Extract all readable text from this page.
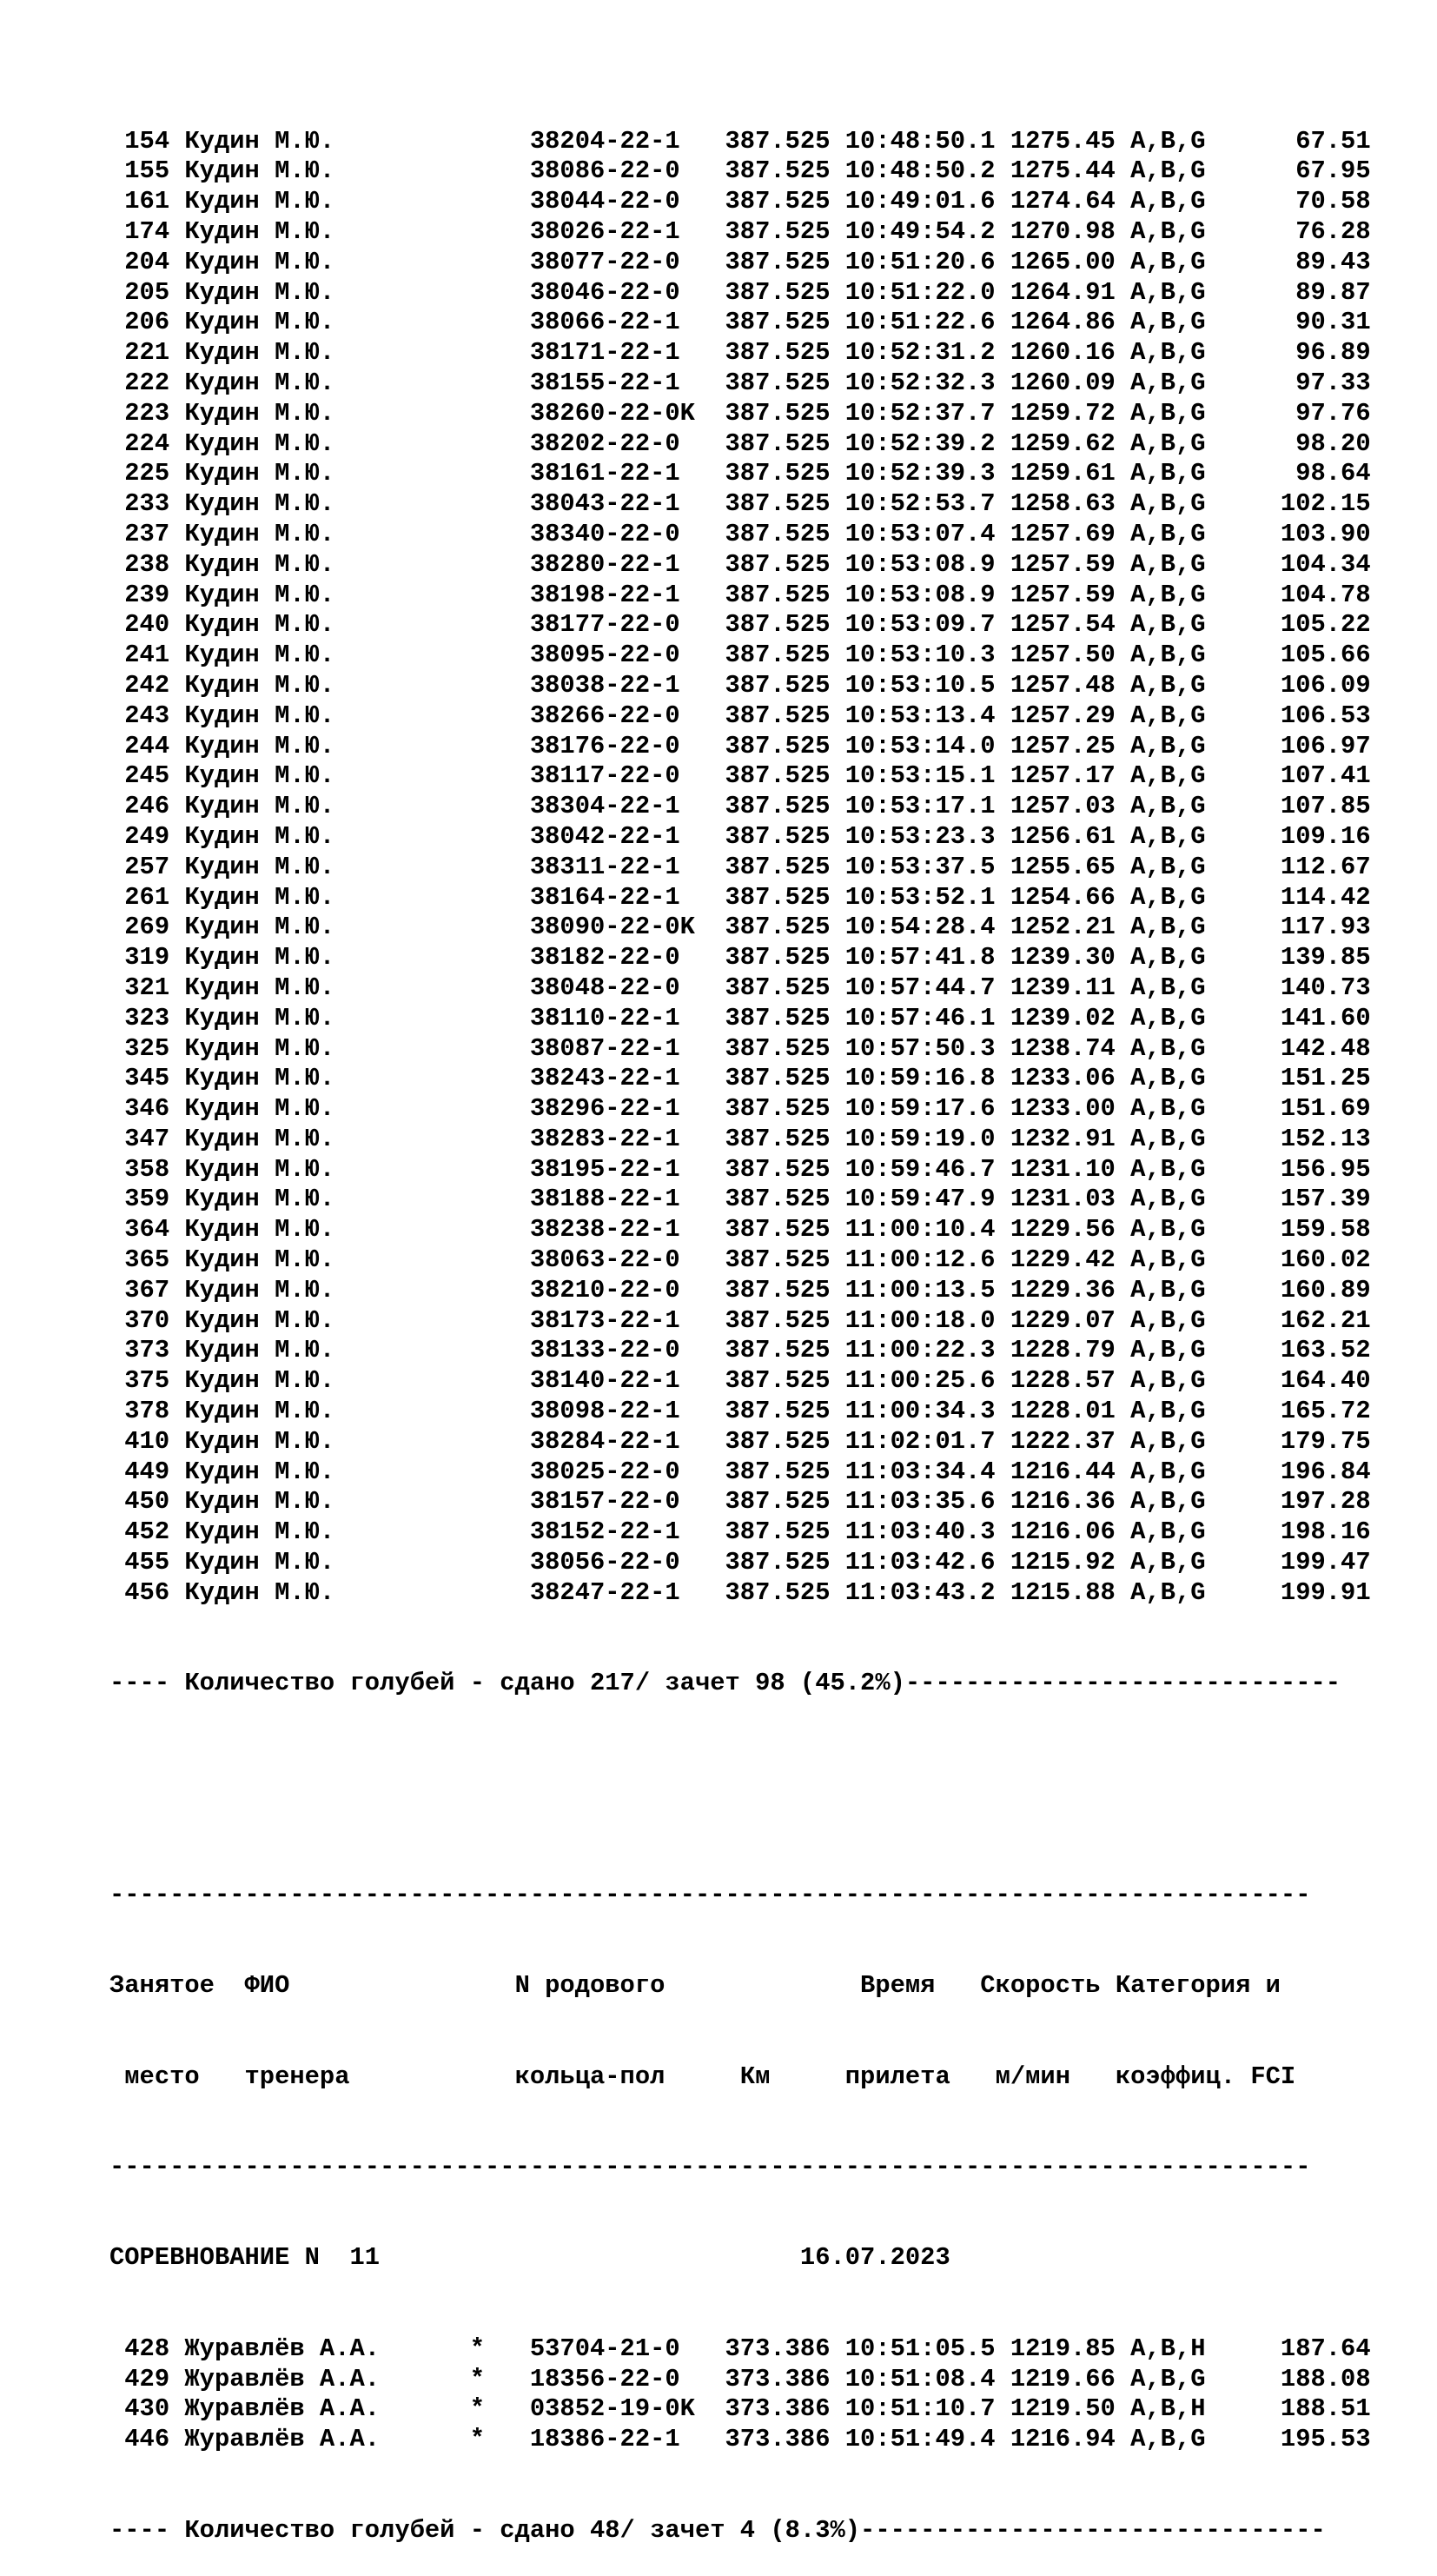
154 Кудин М.Ю.             38204-22-1   387.525 10:48:50.1 1275.45 A,B,G      67.51
155 Кудин М.Ю.             38086-22-0   387.525 10:48:50.2 1275.44 A,B,G      67.95
161 Кудин М.Ю.             38044-22-0   387.525 10:49:01.6 1274.64 A,B,G      70.58
174 Кудин М.Ю.             38026-22-1   387.525 10:49:54.2 1270.98 A,B,G      76.28
204 Кудин М.Ю.             38077-22-0   387.525 10:51:20.6 1265.00 A,B,G      89.43
205 Кудин М.Ю.             38046-22-0   387.525 10:51:22.0 1264.91 A,B,G      89.87
206 Кудин М.Ю.             38066-22-1   387.525 10:51:22.6 1264.86 A,B,G      90.31
221 Кудин М.Ю.             38171-22-1   387.525 10:52:31.2 1260.16 A,B,G      96.89
222 Кудин М.Ю.             38155-22-1   387.525 10:52:32.3 1260.09 A,B,G      97.33
223 Кудин М.Ю.             38260-22-0K  387.525 10:52:37.7 1259.72 A,B,G      97.76
224 Кудин М.Ю.             38202-22-0   387.525 10:52:39.2 1259.62 A,B,G      98.20
225 Кудин М.Ю.             38161-22-1   387.525 10:52:39.3 1259.61 A,B,G      98.64
233 Кудин М.Ю.             38043-22-1   387.525 10:52:53.7 1258.63 A,B,G     102.15
237 Кудин М.Ю.             38340-22-0   387.525 10:53:07.4 1257.69 A,B,G     103.90
238 Кудин М.Ю.             38280-22-1   387.525 10:53:08.9 1257.59 A,B,G     104.34
239 Кудин М.Ю.             38198-22-1   387.525 10:53:08.9 1257.59 A,B,G     104.78
240 Кудин М.Ю.             38177-22-0   387.525 10:53:09.7 1257.54 A,B,G     105.22
241 Кудин М.Ю.             38095-22-0   387.525 10:53:10.3 1257.50 A,B,G     105.66
242 Кудин М.Ю.             38038-22-1   387.525 10:53:10.5 1257.48 A,B,G     106.09
243 Кудин М.Ю.             38266-22-0   387.525 10:53:13.4 1257.29 A,B,G     106.53
244 Кудин М.Ю.             38176-22-0   387.525 10:53:14.0 1257.25 A,B,G     106.97
245 Кудин М.Ю.             38117-22-0   387.525 10:53:15.1 1257.17 A,B,G     107.41
246 Кудин М.Ю.             38304-22-1   387.525 10:53:17.1 1257.03 A,B,G     107.85
249 Кудин М.Ю.             38042-22-1   387.525 10:53:23.3 1256.61 A,B,G     109.16
257 Кудин М.Ю.             38311-22-1   387.525 10:53:37.5 1255.65 A,B,G     112.67
261 Кудин М.Ю.             38164-22-1   387.525 10:53:52.1 1254.66 A,B,G     114.42
269 Кудин М.Ю.             38090-22-0K  387.525 10:54:28.4 1252.21 A,B,G     117.93
319 Кудин М.Ю.             38182-22-0   387.525 10:57:41.8 1239.30 A,B,G     139.85
321 Кудин М.Ю.             38048-22-0   387.525 10:57:44.7 1239.11 A,B,G     140.73
323 Кудин М.Ю.             38110-22-1   387.525 10:57:46.1 1239.02 A,B,G     141.60
325 Кудин М.Ю.             38087-22-1   387.525 10:57:50.3 1238.74 A,B,G     142.48
345 Кудин М.Ю.             38243-22-1   387.525 10:59:16.8 1233.06 A,B,G     151.25
346 Кудин М.Ю.             38296-22-1   387.525 10:59:17.6 1233.00 A,B,G     151.69
347 Кудин М.Ю.             38283-22-1   387.525 10:59:19.0 1232.91 A,B,G     152.13
358 Кудин М.Ю.             38195-22-1   387.525 10:59:46.7 1231.10 A,B,G     156.95
359 Кудин М.Ю.             38188-22-1   387.525 10:59:47.9 1231.03 A,B,G     157.39
364 Кудин М.Ю.             38238-22-1   387.525 11:00:10.4 1229.56 A,B,G     159.58
365 Кудин М.Ю.             38063-22-0   387.525 11:00:12.6 1229.42 A,B,G     160.02
367 Кудин М.Ю.             38210-22-0   387.525 11:00:13.5 1229.36 A,B,G     160.89
370 Кудин М.Ю.             38173-22-1   387.525 11:00:18.0 1229.07 A,B,G     162.21
373 Кудин М.Ю.             38133-22-0   387.525 11:00:22.3 1228.79 A,B,G     163.52
375 Кудин М.Ю.             38140-22-1   387.525 11:00:25.6 1228.57 A,B,G     164.40
378 Кудин М.Ю.             38098-22-1   387.525 11:00:34.3 1228.01 A,B,G     165.72
410 Кудин М.Ю.             38284-22-1   387.525 11:02:01.7 1222.37 A,B,G     179.75
449 Кудин М.Ю.             38025-22-0   387.525 11:03:34.4 1216.44 A,B,G     196.84
450 Кудин М.Ю.             38157-22-0   387.525 11:03:35.6 1216.36 A,B,G     197.28
452 Кудин М.Ю.             38152-22-1   387.525 11:03:40.3 1216.06 A,B,G     198.16
455 Кудин М.Ю.             38056-22-0   387.525 11:03:42.6 1215.92 A,B,G     199.47
456 Кудин М.Ю.             38247-22-1   387.525 11:03:43.2 1215.88 A,B,G     199.91

---- Количество голубей - сдано 217/ зачет 98 (45.2%)-----------------------------

--------------------------------------------------------------------------------

Занятое  ФИО               N родового             Время   Скорость Категория и

место   тренера           кольца-пол     Км     прилета   м/мин   коэффиц. FCI

--------------------------------------------------------------------------------

СОРЕВНОВАНИЕ N  11                            16.07.2023

428 Журавлёв А.А.      *   53704-21-0   373.386 10:51:05.5 1219.85 A,B,H     187.64
429 Журавлёв А.А.      *   18356-22-0   373.386 10:51:08.4 1219.66 A,B,G     188.08
430 Журавлёв А.А.      *   03852-19-0K  373.386 10:51:10.7 1219.50 A,B,H     188.51
446 Журавлёв А.А.      *   18386-22-1   373.386 10:51:49.4 1216.94 A,B,G     195.53

---- Количество голубей - сдано 48/ зачет 4 (8.3%)-------------------------------
